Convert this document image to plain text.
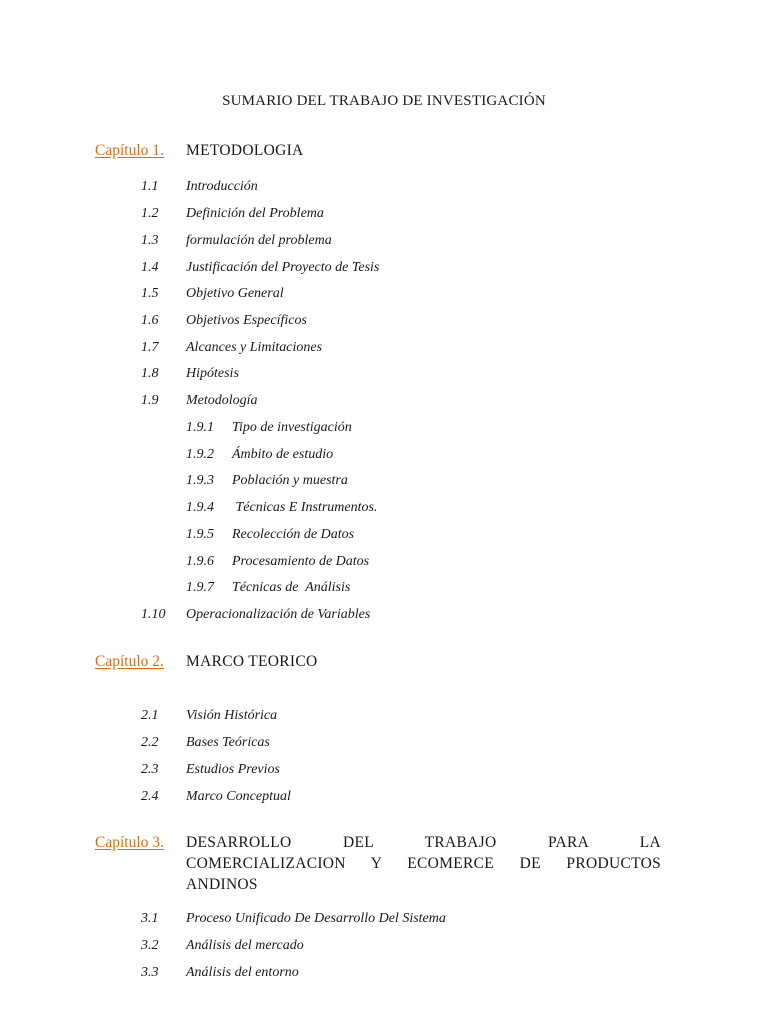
SUMARIO DEL TRABAJO DE INVESTIGACIÓN
Capítulo 1. METODOLOGIA
1.1 Introducción
1.2 Definición del Problema
1.3 formulación del problema
1.4 Justificación del Proyecto de Tesis
1.5 Objetivo General
1.6 Objetivos Específicos
1.7 Alcances y Limitaciones
1.8 Hipótesis
1.9 Metodología
1.9.1 Tipo de investigación
1.9.2 Ámbito de estudio
1.9.3 Población y muestra
1.9.4 Técnicas E Instrumentos.
1.9.5 Recolección de Datos
1.9.6 Procesamiento de Datos
1.9.7 Técnicas de  Análisis
1.10 Operacionalización de Variables
Capítulo 2. MARCO TEORICO
2.1 Visión Histórica
2.2 Bases Teóricas
2.3 Estudios Previos
2.4 Marco Conceptual
Capítulo 3. DESARROLLO DEL TRABAJO PARA LA
COMERCIALIZACION Y ECOMERCE DE PRODUCTOS
ANDINOS
3.1 Proceso Unificado De Desarrollo Del Sistema
3.2 Análisis del mercado
3.3 Análisis del entorno
